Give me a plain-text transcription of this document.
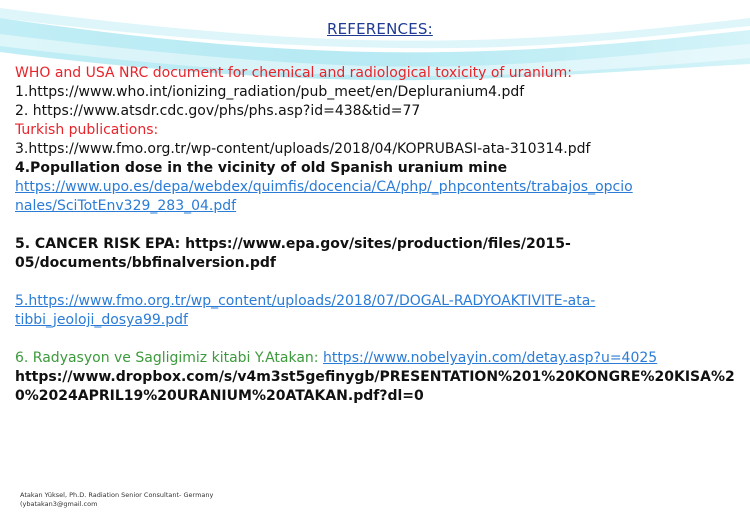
REFERENCES:
WHO and USA NRC document for chemical and radiological toxicity of uranium:
1.https://www.who.int/ionizing_radiation/pub_meet/en/Depluranium4.pdf
2. https://www.atsdr.cdc.gov/phs/phs.asp?id=438&tid=77
Turkish publications:
3.https://www.fmo.org.tr/wp-content/uploads/2018/04/KOPRUBASI-ata-310314.pdf
4.Popullation dose in the vicinity of old Spanish uranium mine
https://www.upo.es/depa/webdex/quimfis/docencia/CA/php/_phpcontents/trabajos_opcio
nales/SciTotEnv329_283_04.pdf
5. CANCER RISK EPA: https://www.epa.gov/sites/production/files/2015-
05/documents/bbfinalversion.pdf
5.https://www.fmo.org.tr/wp_content/uploads/2018/07/DOGAL-RADYOAKTIVITE-ata-
tibbi_jeoloji_dosya99.pdf
6. Radyasyon ve Sagligimiz kitabi Y.Atakan: https://www.nobelyayin.com/detay.asp?u=4025
https://www.dropbox.com/s/v4m3st5gefinygb/PRESENTATION%201%20KONGRE%20KISA%2
0%2024APRIL19%20URANIUM%20ATAKAN.pdf?dl=0
Atakan Yüksel, Ph.D. Radiation Senior Consultant- Germany
(ybatakan3@gmail.com
